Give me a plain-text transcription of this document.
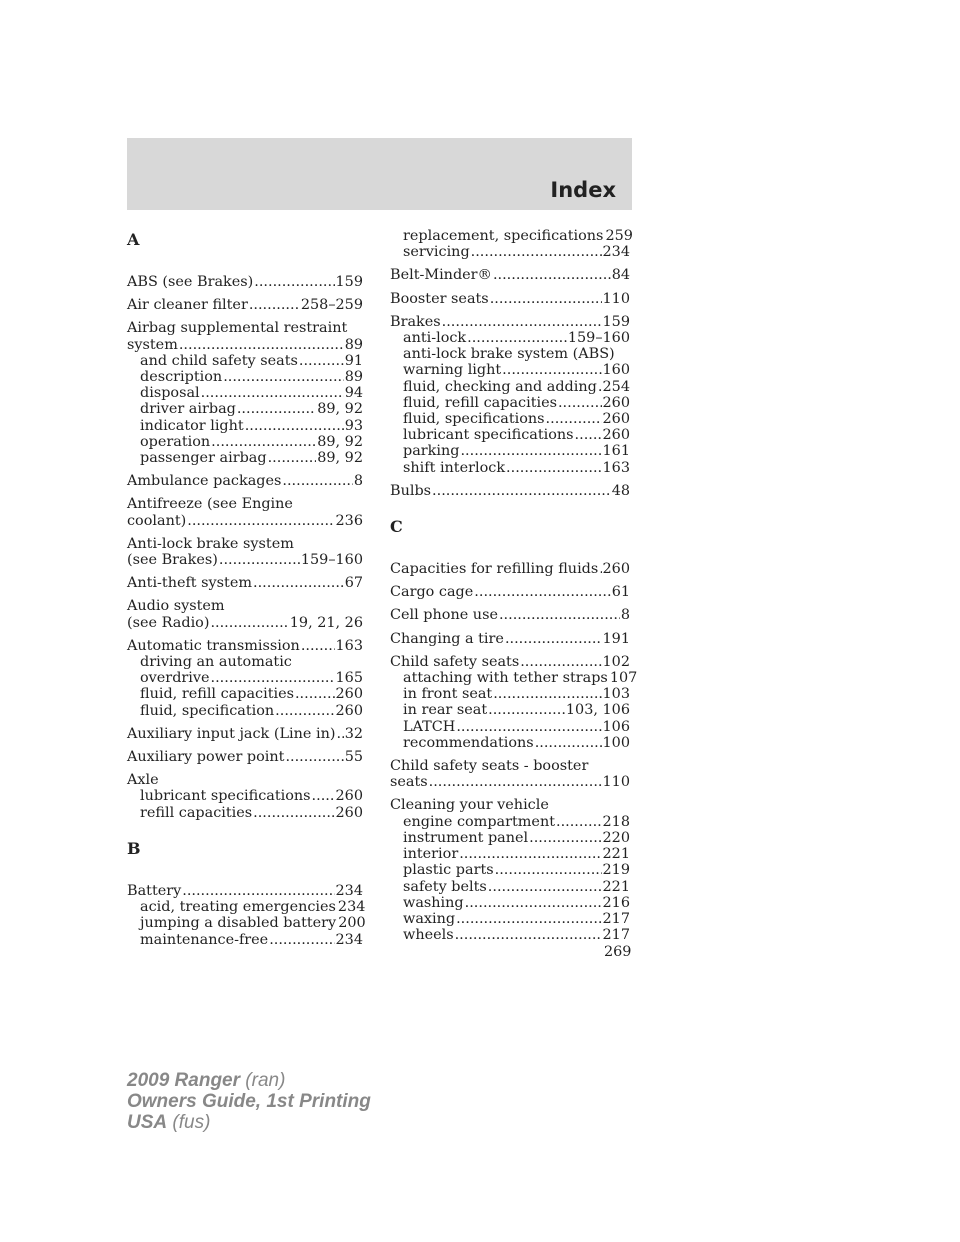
Index
A
ABS (see Brakes) .....	159
Air cleaner filter .....	258–259
Airbag supplemental restraint
system .....	89
and child safety seats .....	91
description .....	89
disposal .....	94
driver airbag .....	89, 92
indicator light .....	93
operation .....	89, 92
passenger airbag .....	89, 92
Ambulance packages .....	8
Antifreeze (see Engine
coolant) .....	236
Anti-lock brake system
(see Brakes) .....	159–160
Anti-theft system .....	67
Audio system
(see Radio) .....	19, 21, 26
Automatic transmission ..... 163
driving an automatic
overdrive .....	165
fluid, refill capacities .....	260
fluid, specification .....	260
Auxiliary input jack (Line in) ..... 32
Auxiliary power point .....	55
Axle
lubricant specifications ..... 260
refill capacities .....	260
B
Battery .....	234
acid, treating emergencies 234
jumping a disabled battery 200
maintenance-free .....	234
replacement, specifications 259
servicing .....	234
Belt-Minder® .....	84
Booster seats .....	110
Brakes .....	159
anti-lock .....	159–160
anti-lock brake system (ABS)
warning light .....	160
fluid, checking and adding ..... 254
fluid, refill capacities .....	260
fluid, specifications .....	260
lubricant specifications ..... 260
parking .....	161
shift interlock .....	163
Bulbs .....	48
C
Capacities for refilling fluids ..... 260
Cargo cage .....	61
Cell phone use .....	8
Changing a tire .....	191
Child safety seats .....	102
attaching with tether straps 107
in front seat .....	103
in rear seat .....	103, 106
LATCH .....	106
recommendations .....	100
Child safety seats - booster
seats .....	110
Cleaning your vehicle
engine compartment .....	218
instrument panel .....	220
interior .....	221
plastic parts .....	219
safety belts .....	221
washing .....	216
waxing .....	217
wheels .....	217
269
2009 Ranger (ran)
Owners Guide, 1st Printing
USA (fus)
